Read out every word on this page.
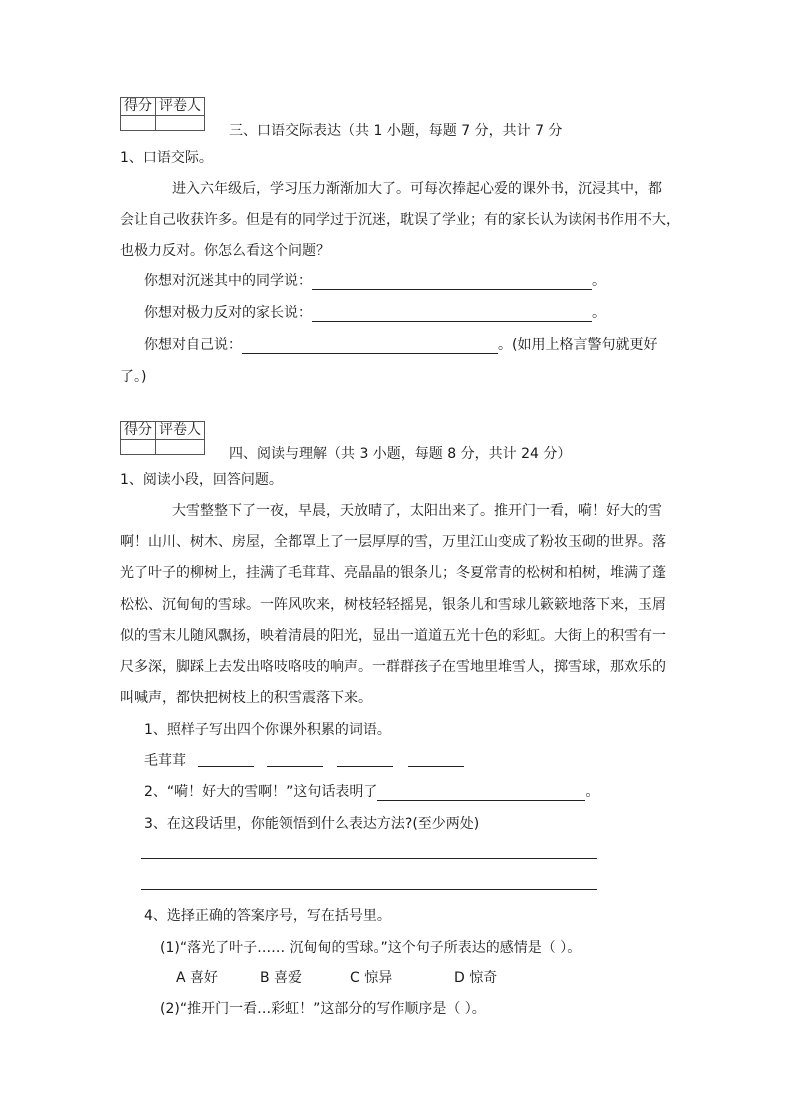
得分	评卷人

三、口语交际表达（共 1 小题，每题 7 分，共计 7 分
1、口语交际。
进入六年级后，学习压力渐渐加大了。可每次捧起心爱的课外书，沉浸其中，都
会让自己收获许多。但是有的同学过于沉迷，耽误了学业；有的家长认为读闲书作用不大，
也极力反对。你怎么看这个问题？
你想对沉迷其中的同学说：	。
你想对极力反对的家长说：	。
你想对自己说：	。(如用上格言警句就更好
了。)
得分	评卷人

四、阅读与理解（共 3 小题，每题 8 分，共计 24 分）
1、阅读小段，回答问题。
大雪整整下了一夜，早晨，天放晴了，太阳出来了。推开门一看，嗬！好大的雪
啊！山川、树木、房屋，全都罩上了一层厚厚的雪，万里江山变成了粉妆玉砌的世界。落
光了叶子的柳树上，挂满了毛茸茸、亮晶晶的银条儿；冬夏常青的松树和柏树，堆满了蓬
松松、沉甸甸的雪球。一阵风吹来，树枝轻轻摇晃，银条儿和雪球儿簌簌地落下来，玉屑
似的雪末儿随风飘扬，映着清晨的阳光，显出一道道五光十色的彩虹。大街上的积雪有一
尺多深，脚踩上去发出咯吱咯吱的响声。一群群孩子在雪地里堆雪人，掷雪球，那欢乐的
叫喊声，都快把树枝上的积雪震落下来。
1、照样子写出四个你课外积累的词语。
毛茸茸
2、“嗬！好大的雪啊！”这句话表明了	。
3、在这段话里，你能领悟到什么表达方法?(至少两处)
4、选择正确的答案序号，写在括号里。
(1)“落光了叶子…… 沉甸甸的雪球。”这个句子所表达的感情是（ ）。
A 喜好	B 喜爱	C 惊异	D 惊奇
(2)“推开门一看…彩虹！”这部分的写作顺序是（ ）。
